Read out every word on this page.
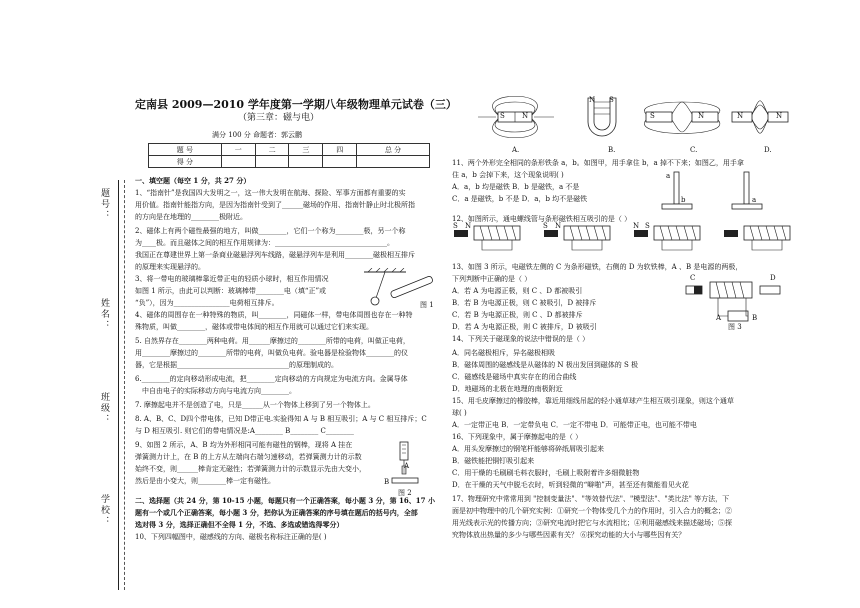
题号：
姓名：
班级：
学校：
定南县 2009—2010 学年度第一学期八年级物理单元试卷（三）
（第三章：磁与电）
满分 100 分 命题者：郭云鹏
题 号	一	二	三	四	总 分
得 分					
一、填空题（每空 1 分，共 27 分）
1、“指南针”是我国四大发明之一，这一伟大发明在航海、探险、军事方面都有重要的实
用价值。指南针能指方向，是因为指南针受到了______磁场的作用、指南针静止时北极所指
的方向是在地理的________极附近。
2、磁体上有两个磁性最强的地方，叫做________，它们一个称为________极，另一个称
为____极。而且磁体之间的相互作用规律为：________________________________。
我国正在尊建世界上第一条商业磁悬浮列车线路，磁悬浮列车是利用________磁极相互排斥
的原理来实现悬浮的。
3、将一带电的玻璃棒靠近带正电的轻质小球时，相互作用情况
如图 1 所示，由此可以判断：玻璃棒带________电（填“正”或
“负”），因为________________电荷相互排斥。
4、磁体的周围存在一种特殊的物质，叫________，同磁体一样，带电体周围也存在一种特
殊物质，叫做________，磁体或带电体间的相互作用就可以通过它们来实现。
5. 自然界存在________两种电荷。用______摩擦过的________所带的电荷，叫做正电荷，
用________摩擦过的________所带的电荷，叫做负电荷。验电器是检验物体________的仪
器，它是根据________________________________的原理制成的。
6.________的定向移动形成电流，把________定向移动的方向规定为电流方向。金属导体
中自由电子的实际移动方向与电流方向________。
7. 摩擦起电并不是创造了电，只是______从一个物体上移到了另一个物体上。
8. A、B、C、D四个带电体，已知 D带正电.实验得知 A 与 B 相互吸引；A 与 C 相互排斥；C
与 D 相互吸引. 则它们的带电情况是:A________ B________ C________
9、如图 2 所示，A、B 均为外形相同可能有磁性的钢棒，现将 A 挂在
弹簧测力计上，在 B 的上方从左端向右端匀速移动，若弹簧测力计的示数
始终不变，则______棒肯定无磁性；若弹簧测力计的示数显示先由大变小，
然后是由小变大，则________棒一定有磁性。
二、选择题（共 24 分，第 10-15 小题，每题只有一个正确答案，每小题 3 分，第 16、17 小
题有一个或几个正确答案，每小题 3 分，把你认为正确答案的序号填在题后的括号内，全部
选对得 3 分，选择正确但不全得 1 分，不选、多选或错选得零分）
10、下列四幅图中，磁感线的方向、磁极名称标注正确的是( )
图 1
A
B
图 2
S N
N S
S	N	N	N
A.	B.	C.	D.
11、两个外形完全相同的条形铁条 a，b。如图甲，用手拿住 b，a 掉不下来；如图乙，用手拿
住 a，b 会掉下来，这个现象说明( )
A．a，b 均是磁铁 B．b 是磁铁，a 不是
C．a 是磁铁，b 不是 D．a，b 均不是磁铁
12、如图所示，通电螺线管与条形磁铁相互吸引的是（ ）
13、如图 3 所示，电磁铁左侧的 C 为条形磁铁，右侧的 D 为软铁棒，A 、B 是电源的两极，
下列判断中正确的是（ ）
A．若 A 为电源正极，则 C 、D 都被吸引
B．若 B 为电源正极，则 C 被吸引，D 被排斥
C．若 B 为电源正极，则 C 、D 都被排斥
D．若 A 为电源正极，则 C 被排斥，D 被吸引
14、下列关于磁现象的说法中错误的是（ ）
A．同名磁极相斥，异名磁极相吸
B．磁体周围的磁感线是从磁体的 N 极出发回到磁体的 S 极
C．磁感线是磁场中真实存在的闭合曲线
D．地磁场的北极在地理的南极附近
15、用毛皮摩擦过的橡胶棒，靠近用细线吊起的轻小通草球产生相互吸引现象，则这个通草
球( )
A．一定带正电 B．一定带负电 C．一定不带电 D．可能带正电，也可能不带电
16、下列现象中，属于摩擦起电的是（ ）
A．用头发摩擦过的钢笔杆能够将碎纸屑吸引起来
B．磁铁能把铜钉吸引起来
C．用干燥的毛刷刷毛料衣服时，毛刷上吸附着许多细微脏物
D．在干燥的天气中脱毛衣时，听到轻微的“噼啪”声，甚至还有微能看见火花
17、物理研究中常常用到 "控制变量法"、"等效替代法"、"模型法"、"类比法" 等方法，下
面是初中物理中的几个研究实例：①研究一个物体受几个力的作用时，引入合力的概念；②
用光线表示光的传播方向；③研究电流时把它与水流相比；④利用磁感线来描述磁场；⑤探
究物体放出热量的多少与哪些因素有关？ ⑥探究动能的大小与哪些因有关？
a
b	a
S N	S N	N S
C	D
A	B
图 3
